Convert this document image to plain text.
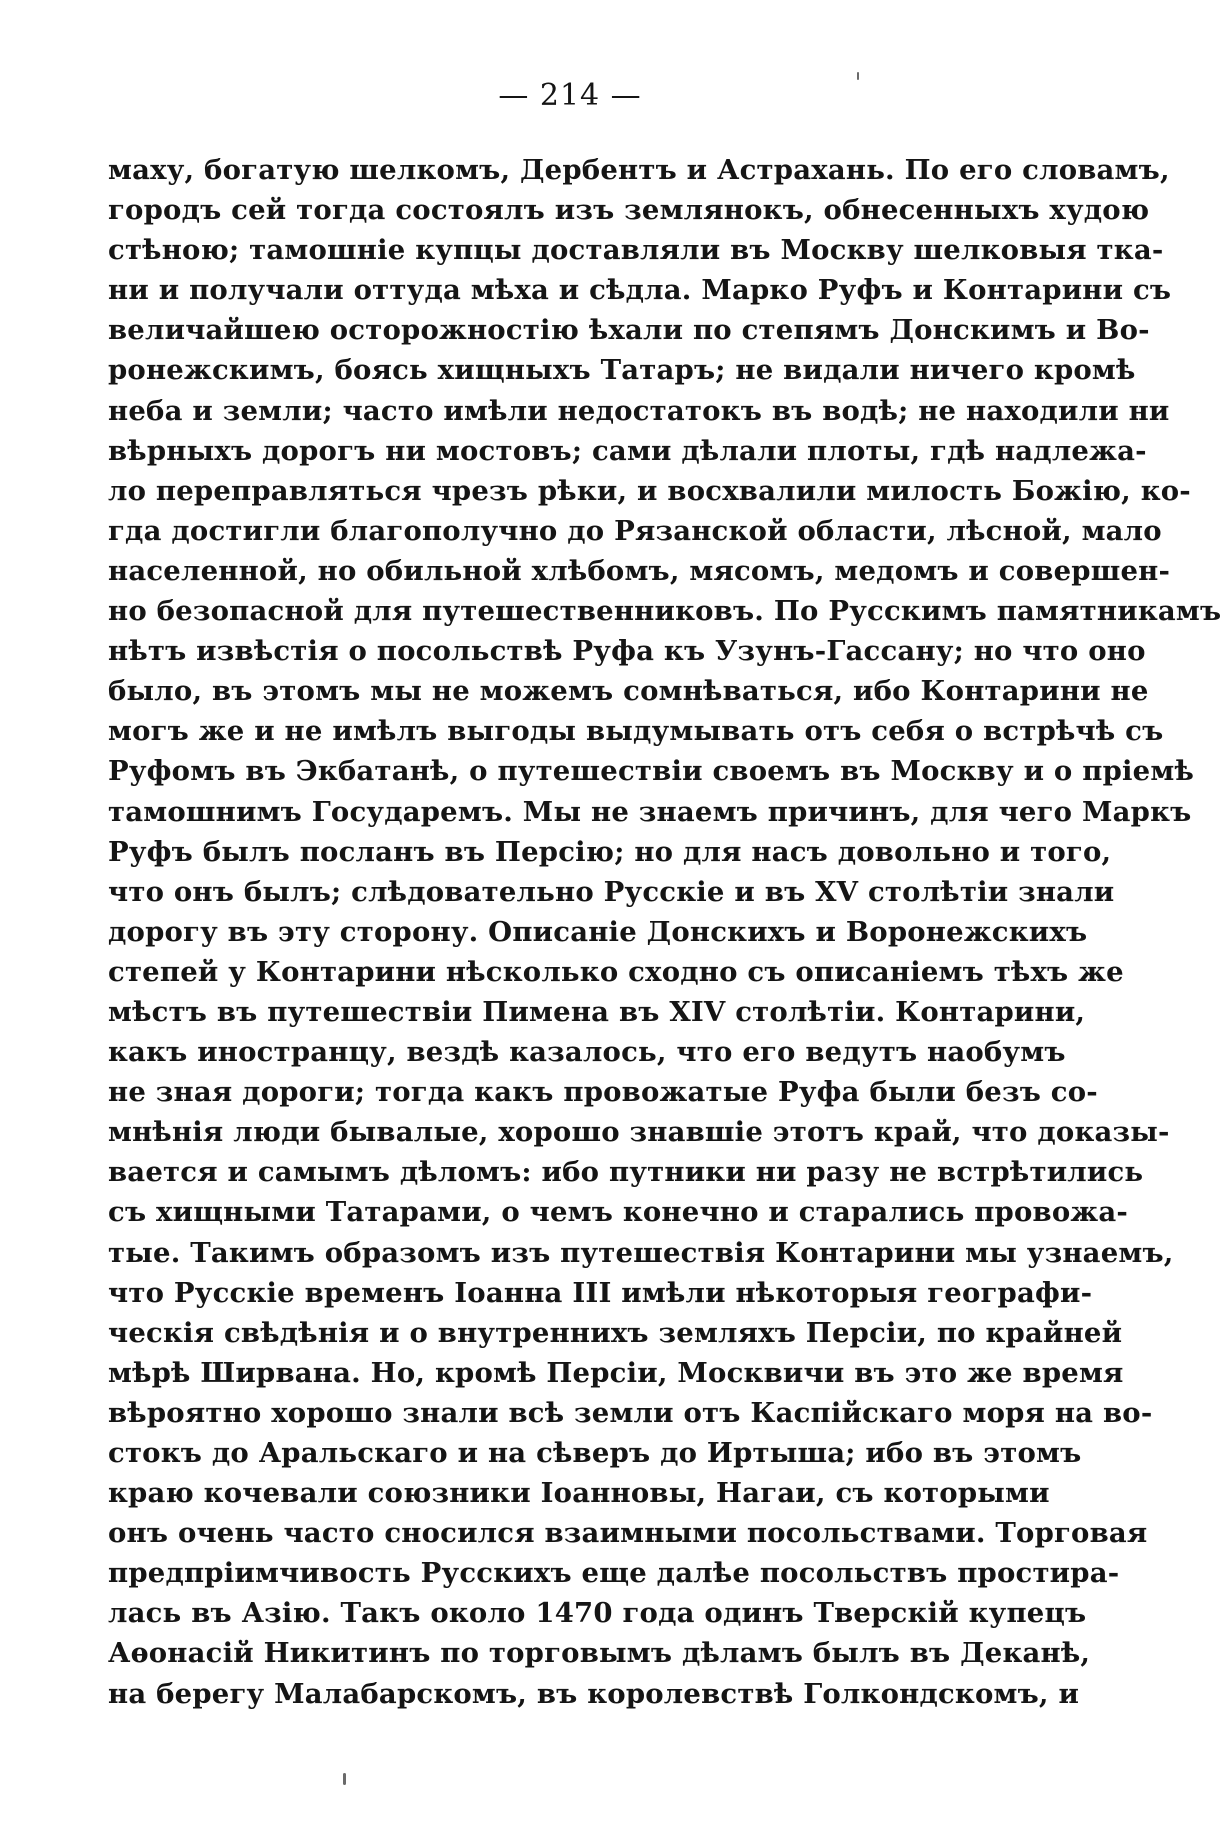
— 214 —
маху, богатую шелкомъ, Дербентъ и Астрахань. По его словамъ,
городъ сей тогда состоялъ изъ землянокъ, обнесенныхъ худою
стѣною; тамошніе купцы доставляли въ Москву шелковыя тка-
ни и получали оттуда мѣха и сѣдла. Марко Руфъ и Контарини съ
величайшею осторожностію ѣхали по степямъ Донскимъ и Во-
ронежскимъ, боясь хищныхъ Татаръ; не видали ничего кромѣ
неба и земли; часто имѣли недостатокъ въ водѣ; не находили ни
вѣрныхъ дорогъ ни мостовъ; сами дѣлали плоты, гдѣ надлежа-
ло переправляться чрезъ рѣки, и восхвалили милость Божію, ко-
гда достигли благополучно до Рязанской области, лѣсной, мало
населенной, но обильной хлѣбомъ, мясомъ, медомъ и совершен-
но безопасной для путешественниковъ. По Русскимъ памятникамъ
нѣтъ извѣстія о посольствѣ Руфа къ Узунъ-Гассану; но что оно
было, въ этомъ мы не можемъ сомнѣваться, ибо Контарини не
могъ же и не имѣлъ выгоды выдумывать отъ себя о встрѣчѣ съ
Руфомъ въ Экбатанѣ, о путешествіи своемъ въ Москву и о пріемѣ
тамошнимъ Государемъ. Мы не знаемъ причинъ, для чего Маркъ
Руфъ былъ посланъ въ Персію; но для насъ довольно и того,
что онъ былъ; слѣдовательно Русскіе и въ XV столѣтіи знали
дорогу въ эту сторону. Описаніе Донскихъ и Воронежскихъ
степей у Контарини нѣсколько сходно съ описаніемъ тѣхъ же
мѣстъ въ путешествіи Пимена въ XIV столѣтіи. Контарини,
какъ иностранцу, вездѣ казалось, что его ведутъ наобумъ
не зная дороги; тогда какъ провожатые Руфа были безъ со-
мнѣнія люди бывалые, хорошо знавшіе этотъ край, что доказы-
вается и самымъ дѣломъ: ибо путники ни разу не встрѣтились
съ хищными Татарами, о чемъ конечно и старались провожа-
тые. Такимъ образомъ изъ путешествія Контарини мы узнаемъ,
что Русскіе временъ Іоанна III имѣли нѣкоторыя географи-
ческія свѣдѣнія и о внутреннихъ земляхъ Персіи, по крайней
мѣрѣ Ширвана. Но, кромѣ Персіи, Москвичи въ это же время
вѣроятно хорошо знали всѣ земли отъ Каспійскаго моря на во-
стокъ до Аральскаго и на сѣверъ до Иртыша; ибо въ этомъ
краю кочевали союзники Іоанновы, Нагаи, съ которыми
онъ очень часто сносился взаимными посольствами. Торговая
предпріимчивость Русскихъ еще далѣе посольствъ простира-
лась въ Азію. Такъ около 1470 года одинъ Тверскій купецъ
Аѳонасій Никитинъ по торговымъ дѣламъ былъ въ Деканѣ,
на берегу Малабарскомъ, въ королевствѣ Голкондскомъ, и
